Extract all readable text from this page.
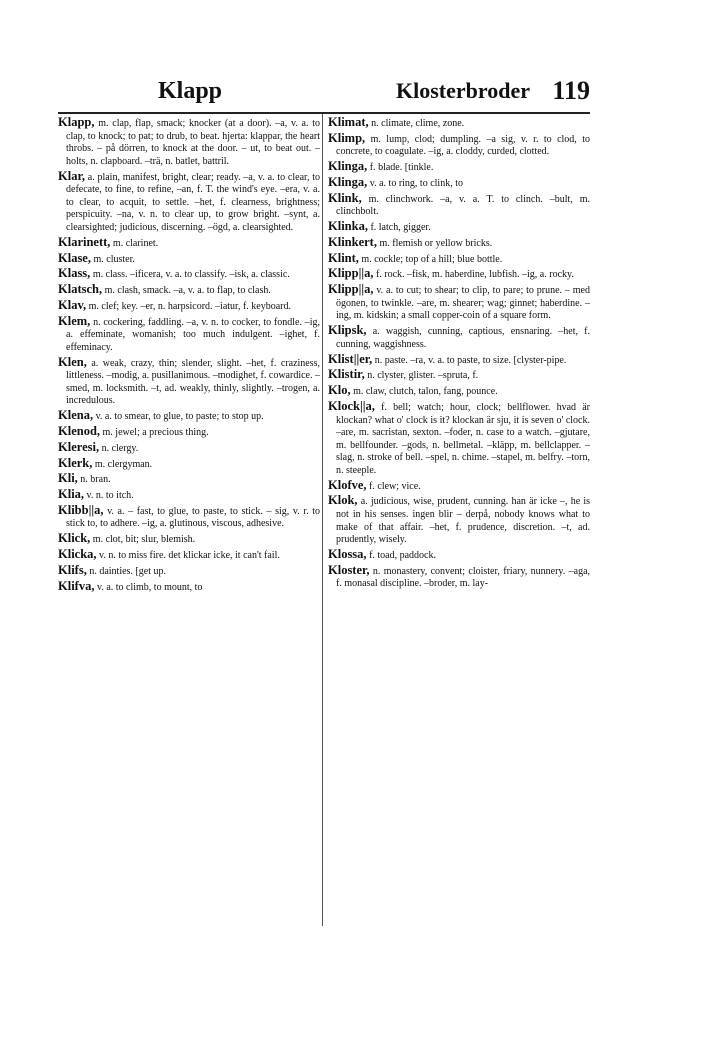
Klapp	Klosterbroder 119

Klapp, m. clap, flap, smack; knocker (at a door). –a, v. a. to clap, to knock; to pat; to drub, to beat. hjerta: klappar, the heart throbs. – på dörren, to knock at the door. – ut, to beat out. –holts, n. clapboard. –trä, n. batlet, battril.

Klar, a. plain, manifest, bright, clear; ready. –a, v. a. to clear, to defecate, to fine, to refine, –an, f. T. the wind's eye. –era, v. a. to clear, to acquit, to settle. –het, f. clearness, brightness; perspicuity. –na, v. n. to clear up, to grow bright. –synt, a. clearsighted; judicious, discerning. –ögd, a. clearsighted.

Klarinett, m. clarinet.

Klase, m. cluster.

Klass, m. class. –ificera, v. a. to classify. –isk, a. classic.

Klatsch, m. clash, smack. –a, v. a. to flap, to clash.

Klav, m. clef; key. –er, n. harpsicord. –iatur, f. keyboard.

Klem, n. cockering, faddling. –a, v. n. to cocker, to fondle. –ig, a. effeminate, womanish; too much indulgent. –ighet, f. effeminacy.

Klen, a. weak, crazy, thin; slender, slight. –het, f. craziness, littleness. –modig, a. pusillanimous. –modighet, f. cowardice. –smed, m. locksmith. –t, ad. weakly, thinly, slightly. –trogen, a. incredulous.

Klena, v. a. to smear, to glue, to paste; to stop up.

Klenod, m. jewel; a precious thing.

Kleresi, n. clergy.

Klerk, m. clergyman.

Kli, n. bran.

Klia, v. n. to itch.

Klibb||a, v. a. – fast, to glue, to paste, to stick. – sig, v. r. to stick to, to adhere. –ig, a. glutinous, viscous, adhesive.

Klick, m. clot, bit; slur, blemish.

Klicka, v. n. to miss fire. det klickar icke, it can't fail.

Klifs, n. dainties. [get up.

Klifva, v. a. to climb, to mount, to

Klimat, n. climate, clime, zone.

Klimp, m. lump, clod; dumpling. –a sig, v. r. to clod, to concrete, to coagulate. –ig, a. cloddy, curded, clotted.

Klinga, f. blade. [tinkle.

Klinga, v. a. to ring, to clink, to

Klink, m. clinchwork. –a, v. a. T. to clinch. –bult, m. clinchbolt.

Klinka, f. latch, gigger.

Klinkert, m. flemish or yellow bricks.

Klint, m. cockle; top of a hill; blue bottle.

Klipp||a, f. rock. –fisk, m. haberdine, lubfish. –ig, a. rocky.

Klipp||a, v. a. to cut; to shear; to clip, to pare; to prune. – med ögonen, to twinkle. –are, m. shearer; wag; ginnet; haberdine. –ing, m. kidskin; a small copper-coin of a square form.

Klipsk, a. waggish, cunning, captious, ensnaring. –het, f. cunning, waggishness.

Klist||er, n. paste. –ra, v. a. to paste, to size. [clyster-pipe.

Klistir, n. clyster, glister. –spruta, f.

Klo, m. claw, clutch, talon, fang, pounce.

Klock||a, f. bell; watch; hour, clock; bellflower. hvad är klockan? what o' clock is it? klockan är sju, it is seven o' clock. –are, m. sacristan, sexton. –foder, n. case to a watch. –gjutare, m. bellfounder. –gods, n. bellmetal. –kläpp, m. bellclapper. –slag, n. stroke of bell. –spel, n. chime. –stapel, m. belfry. –torn, n. steeple.

Klofve, f. clew; vice.

Klok, a. judicious, wise, prudent, cunning. han är icke –, he is not in his senses. ingen blir – derpå, nobody knows what to make of that affair. –het, f. prudence, discretion. –t, ad. prudently, wisely.

Klossa, f. toad, paddock.

Kloster, n. monastery, convent; cloister, friary, nunnery. –aga, f. monasal discipline. –broder, m. lay-
